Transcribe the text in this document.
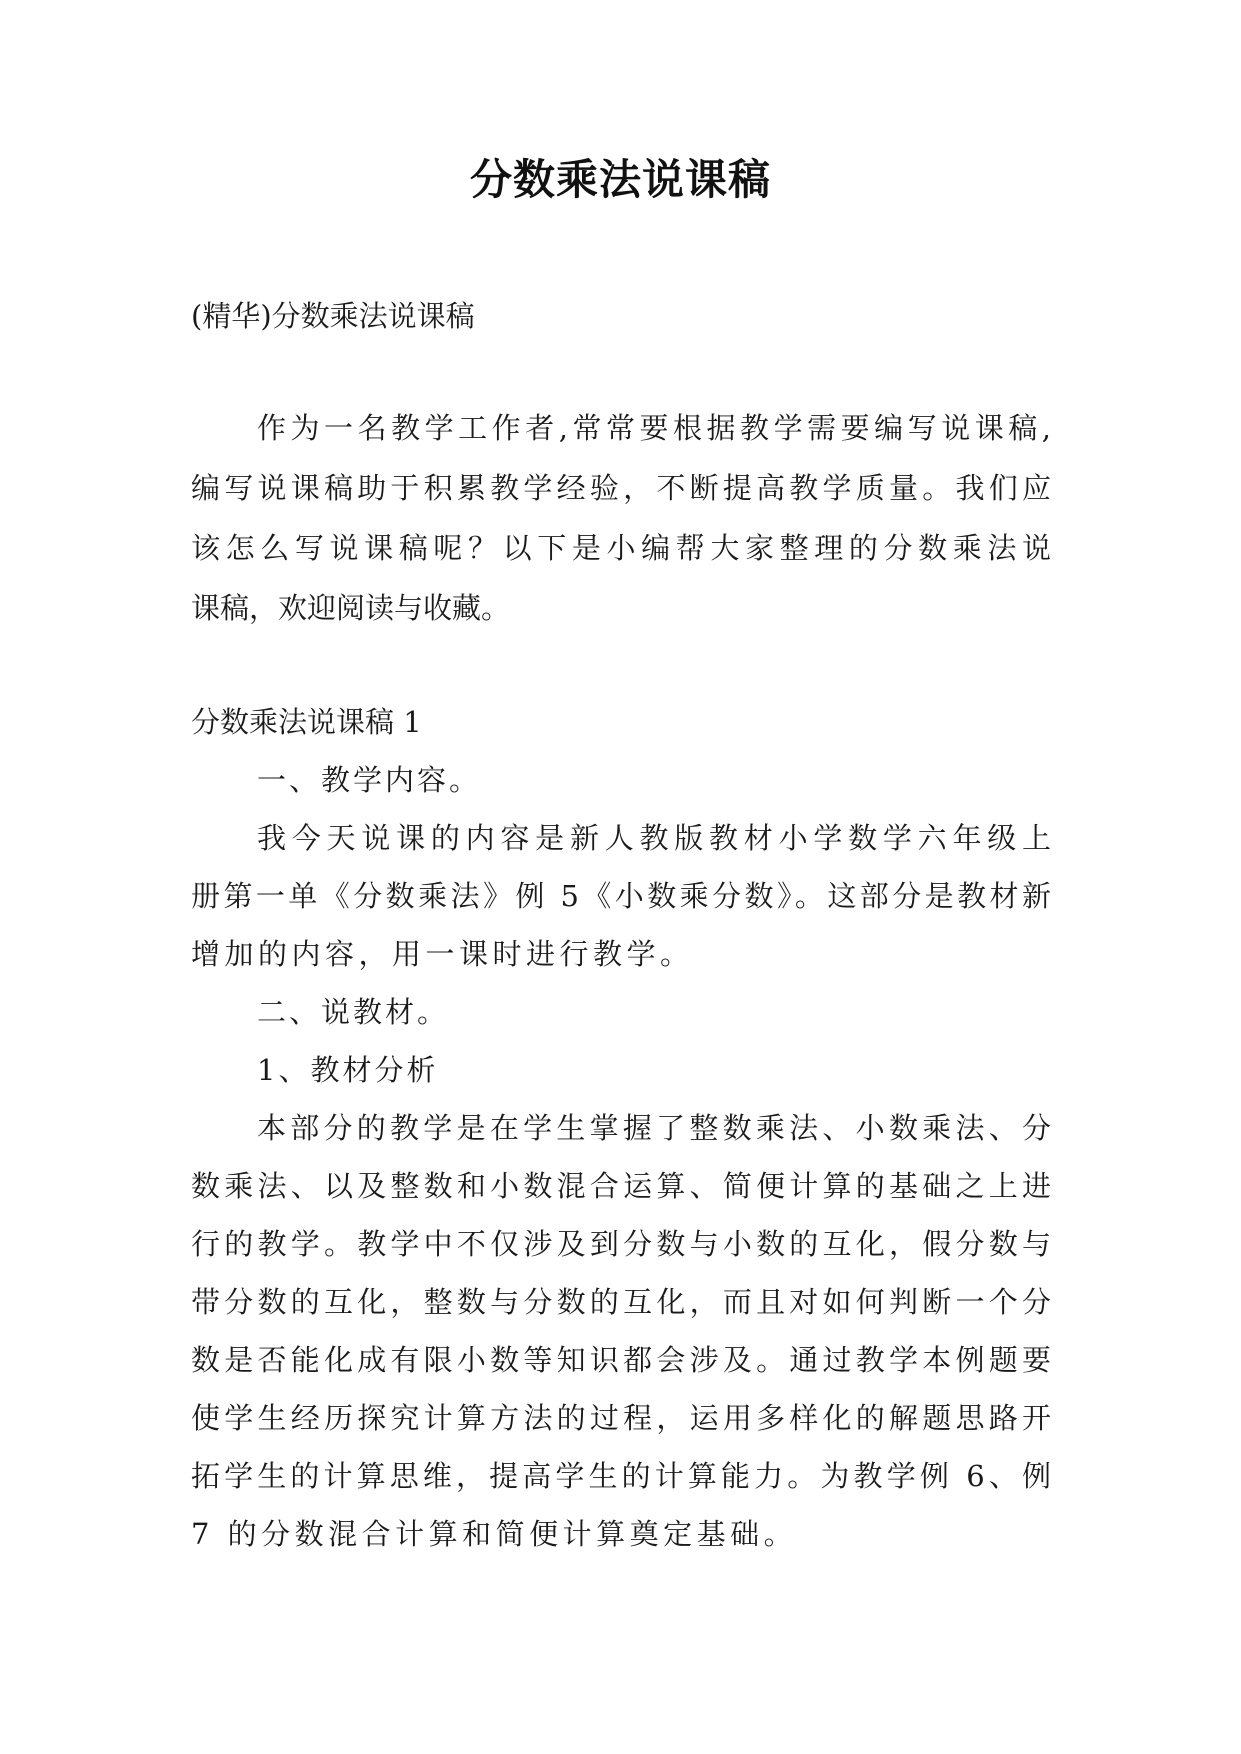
分数乘法说课稿

(精华)分数乘法说课稿

作为一名教学工作者,常常要根据教学需要编写说课稿,

编写说课稿助于积累教学经验，不断提高教学质量。我们应

该怎么写说课稿呢？以下是小编帮大家整理的分数乘法说

课稿，欢迎阅读与收藏。

分数乘法说课稿 1

一、教学内容。

我今天说课的内容是新人教版教材小学数学六年级上

册第一单《分数乘法》例 5《小数乘分数》。这部分是教材新

增加的内容，用一课时进行教学。

二、说教材。

1、教材分析

本部分的教学是在学生掌握了整数乘法、小数乘法、分

数乘法、以及整数和小数混合运算、简便计算的基础之上进

行的教学。教学中不仅涉及到分数与小数的互化，假分数与

带分数的互化，整数与分数的互化，而且对如何判断一个分

数是否能化成有限小数等知识都会涉及。通过教学本例题要

使学生经历探究计算方法的过程，运用多样化的解题思路开

拓学生的计算思维，提高学生的计算能力。为教学例 6、例

7 的分数混合计算和简便计算奠定基础。
